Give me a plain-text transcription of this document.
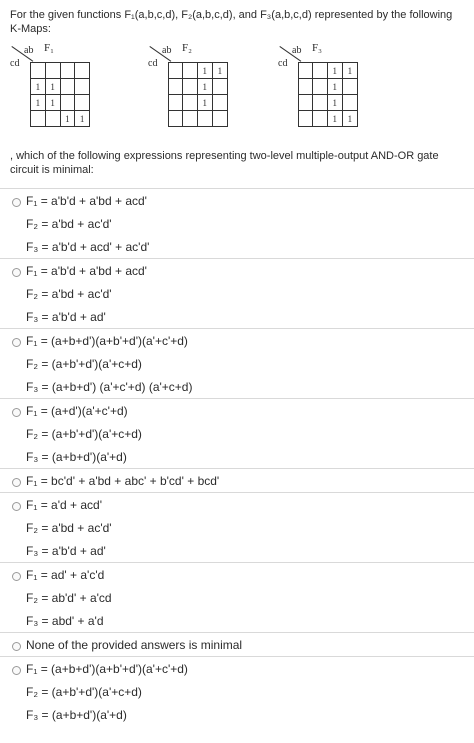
For the given functions F₁(a,b,c,d), F₂(a,b,c,d), and F₃(a,b,c,d) represented by the following K-Maps:
F₁
ab
cd

1	1		
1	1		
		1	1
F₂
ab
cd
		1	1
		1	
		1	

F₃
ab
cd
		1	1
		1	
		1	
		1	1
, which of the following expressions representing two-level multiple-output AND-OR gate circuit is minimal:
F₁ = a'b'd + a'bd + acd'
F₂ = a'bd + ac'd'
F₃ = a'b'd + acd' + ac'd'
F₁ = a'b'd + a'bd + acd'
F₂ = a'bd + ac'd'
F₃ = a'b'd + ad'
F₁ = (a+b+d')(a+b'+d')(a'+c'+d)
F₂ = (a+b'+d')(a'+c+d)
F₃ = (a+b+d') (a'+c'+d) (a'+c+d)
F₁ = (a+d')(a'+c'+d)
F₂ = (a+b'+d')(a'+c+d)
F₃ = (a+b+d')(a'+d)
F₁ = bc'd' + a'bd + abc' + b'cd' + bcd'
F₁ = a'd + acd'
F₂ = a'bd + ac'd'
F₃ = a'b'd + ad'
F₁ = ad' + a'c'd
F₂ = ab'd' + a'cd
F₃ = abd' + a'd
None of the provided answers is minimal
F₁ = (a+b+d')(a+b'+d')(a'+c'+d)
F₂ = (a+b'+d')(a'+c+d)
F₃ = (a+b+d')(a'+d)
